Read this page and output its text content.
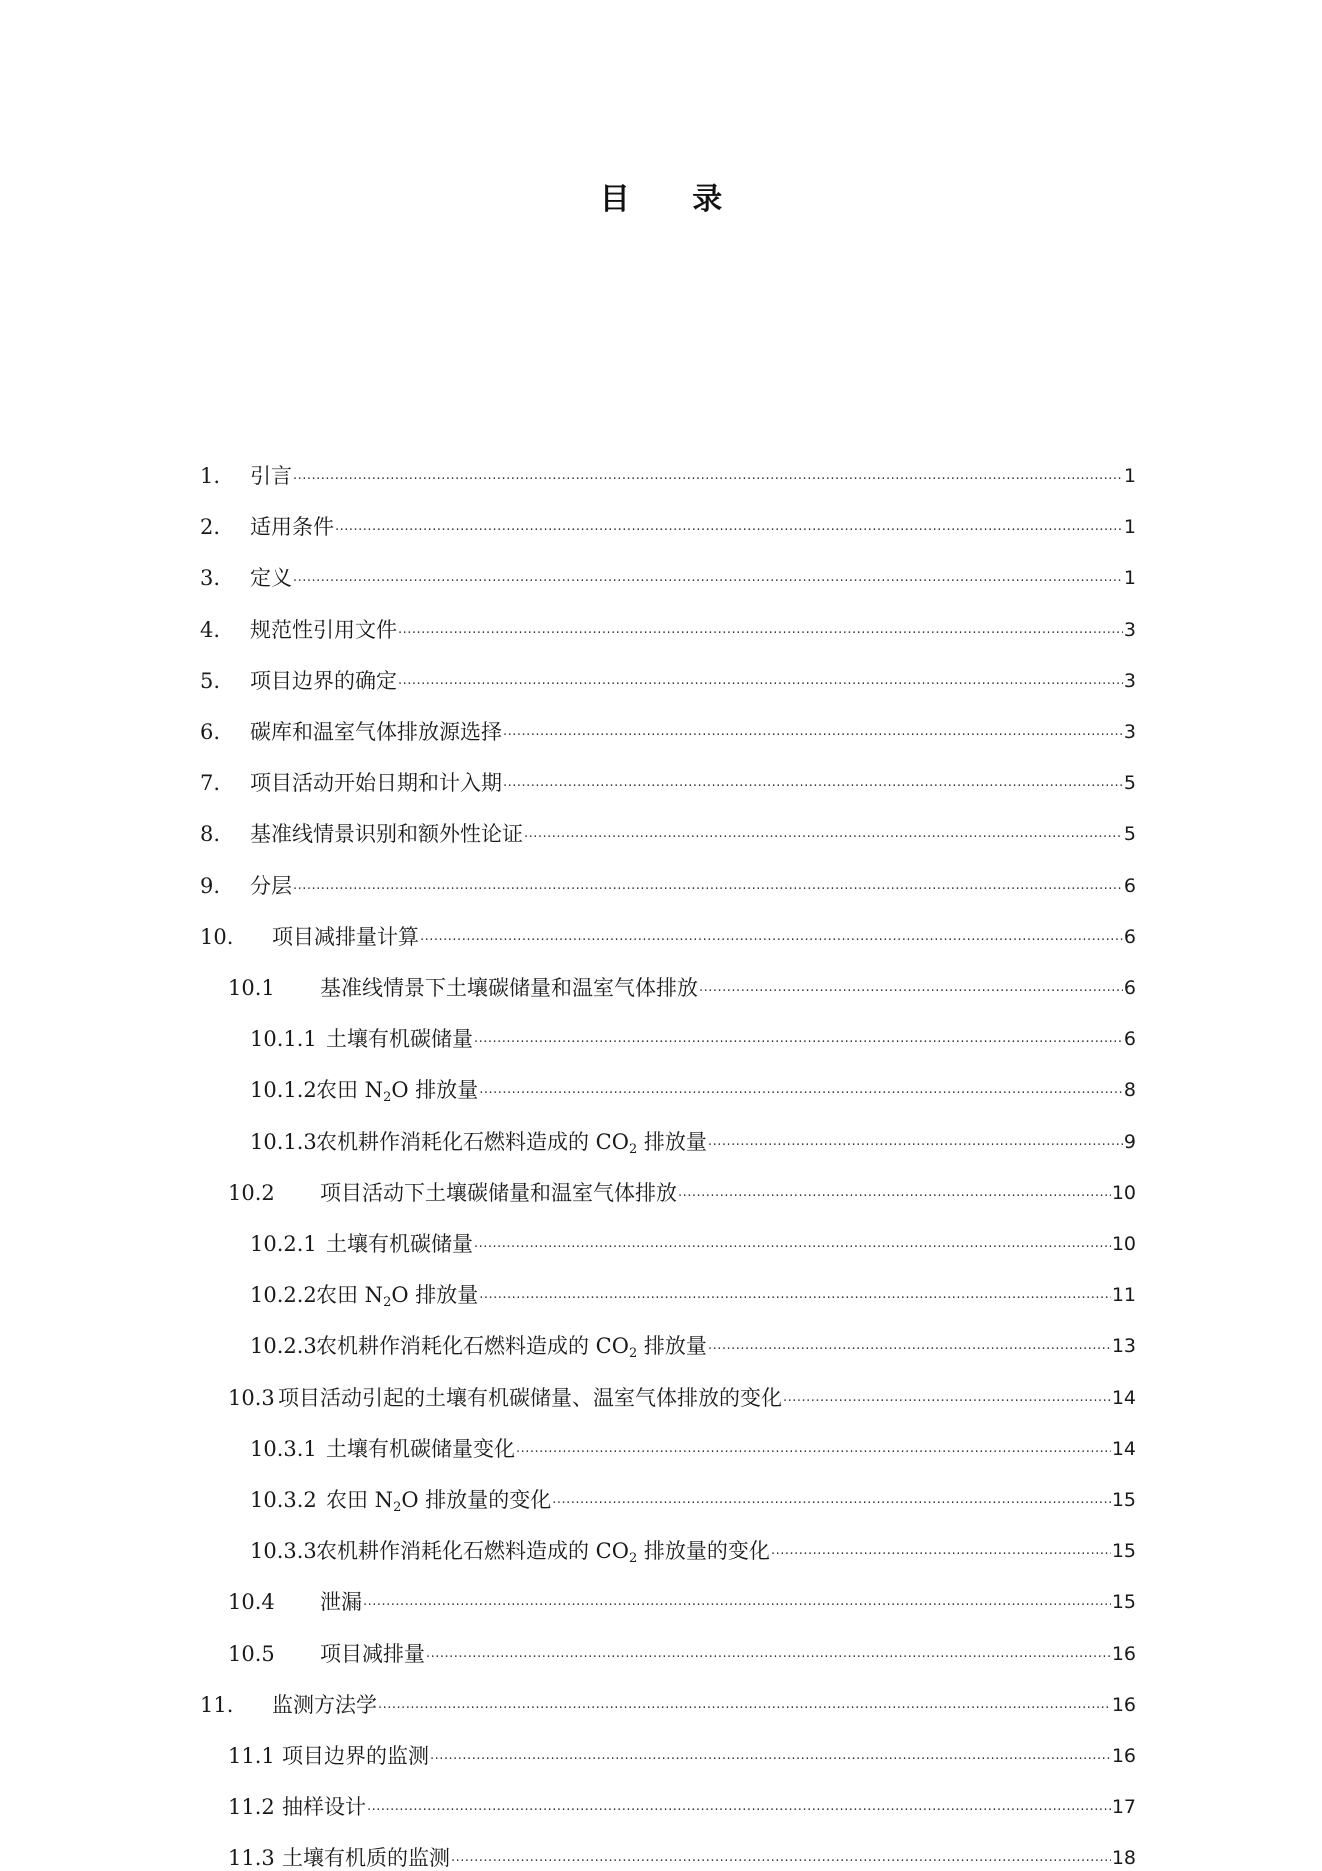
目 录
1.	引言 .....	1
2.	适用条件 .....	1
3.	定义 .....	1
4.	规范性引用文件 .....	3
5.	项目边界的确定 .....	3
6.	碳库和温室气体排放源选择 .....	3
7.	项目活动开始日期和计入期 .....	5
8.	基准线情景识别和额外性论证 .....	5
9.	分层 .....	6
10.	项目减排量计算 .....	6
10.1	基准线情景下土壤碳储量和温室气体排放 .....	6
10.1.1 土壤有机碳储量 .....	6
10.1.2 农田 $N_2O$ 排放量 .....	8
10.1.3 农机耕作消耗化石燃料造成的 $CO_2$ 排放量 .....	9
10.2	项目活动下土壤碳储量和温室气体排放 .....	10
10.2.1 土壤有机碳储量 .....	10
10.2.2 农田 $N_2O$ 排放量 .....	11
10.2.3 农机耕作消耗化石燃料造成的 $CO_2$ 排放量 .....	13
10.3 项目活动引起的土壤有机碳储量、温室气体排放的变化 .....	14
10.3.1 土壤有机碳储量变化 .....	14
10.3.2 农田 $N_2O$ 排放量的变化 .....	15
10.3.3 农机耕作消耗化石燃料造成的 $CO_2$ 排放量的变化 .....	15
10.4	泄漏 .....	15
10.5	项目减排量 .....	16
11.	监测方法学 .....	16
11.1 项目边界的监测 .....	16
11.2 抽样设计 .....	17
11.3 土壤有机质的监测 .....	18
